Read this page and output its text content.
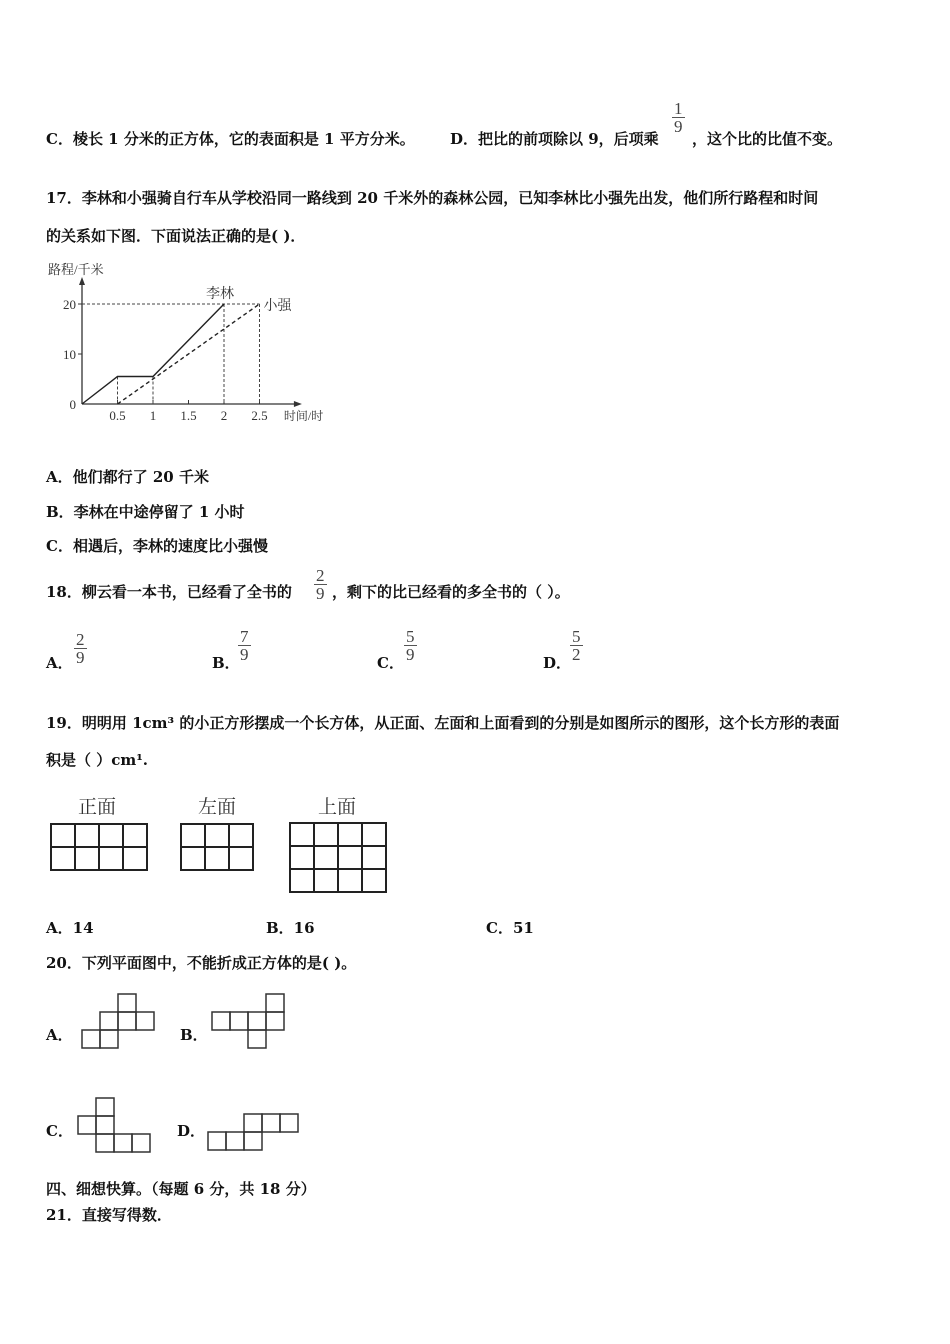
C．棱长 1 分米的正方体，它的表面积是 1 平方分米。 D．把比的前项除以 9，后项乘
$\frac{1}{9}$
，这个比的比值不变。
17．李林和小强骑自行车从学校沿同一路线到 20 千米外的森林公园，已知李林比小强先出发，他们所行路程和时间
的关系如下图．下面说法正确的是( )．
路程/千米
时间/时
0
10
20
0.5 1 1.5 2 2.5
李林
小强
A．他们都行了 20 千米
B．李林在中途停留了 1 小时
C．相遇后，李林的速度比小强慢
18．柳云看一本书，已经看了全书的 $\frac{2}{9}$ ，剩下的比已经看的多全书的（ ）。
A． $\frac{2}{9}$	B．
$\frac{7}{9}$	C． $\frac{5}{9}$	D．
$\frac{5}{2}$
19．明明用 1cm³ 的小正方形摆成一个长方体，从正面、左面和上面看到的分别是如图所示的图形，这个长方形的表面
积是（ ）cm¹.
正面	左面	上面

A．14	B．16	C．51
20．下列平面图中，不能折成正方体的是( )。
A．	B．
C．	D．
四、细想快算。（每题 6 分，共 18 分）
21．直接写得数．
